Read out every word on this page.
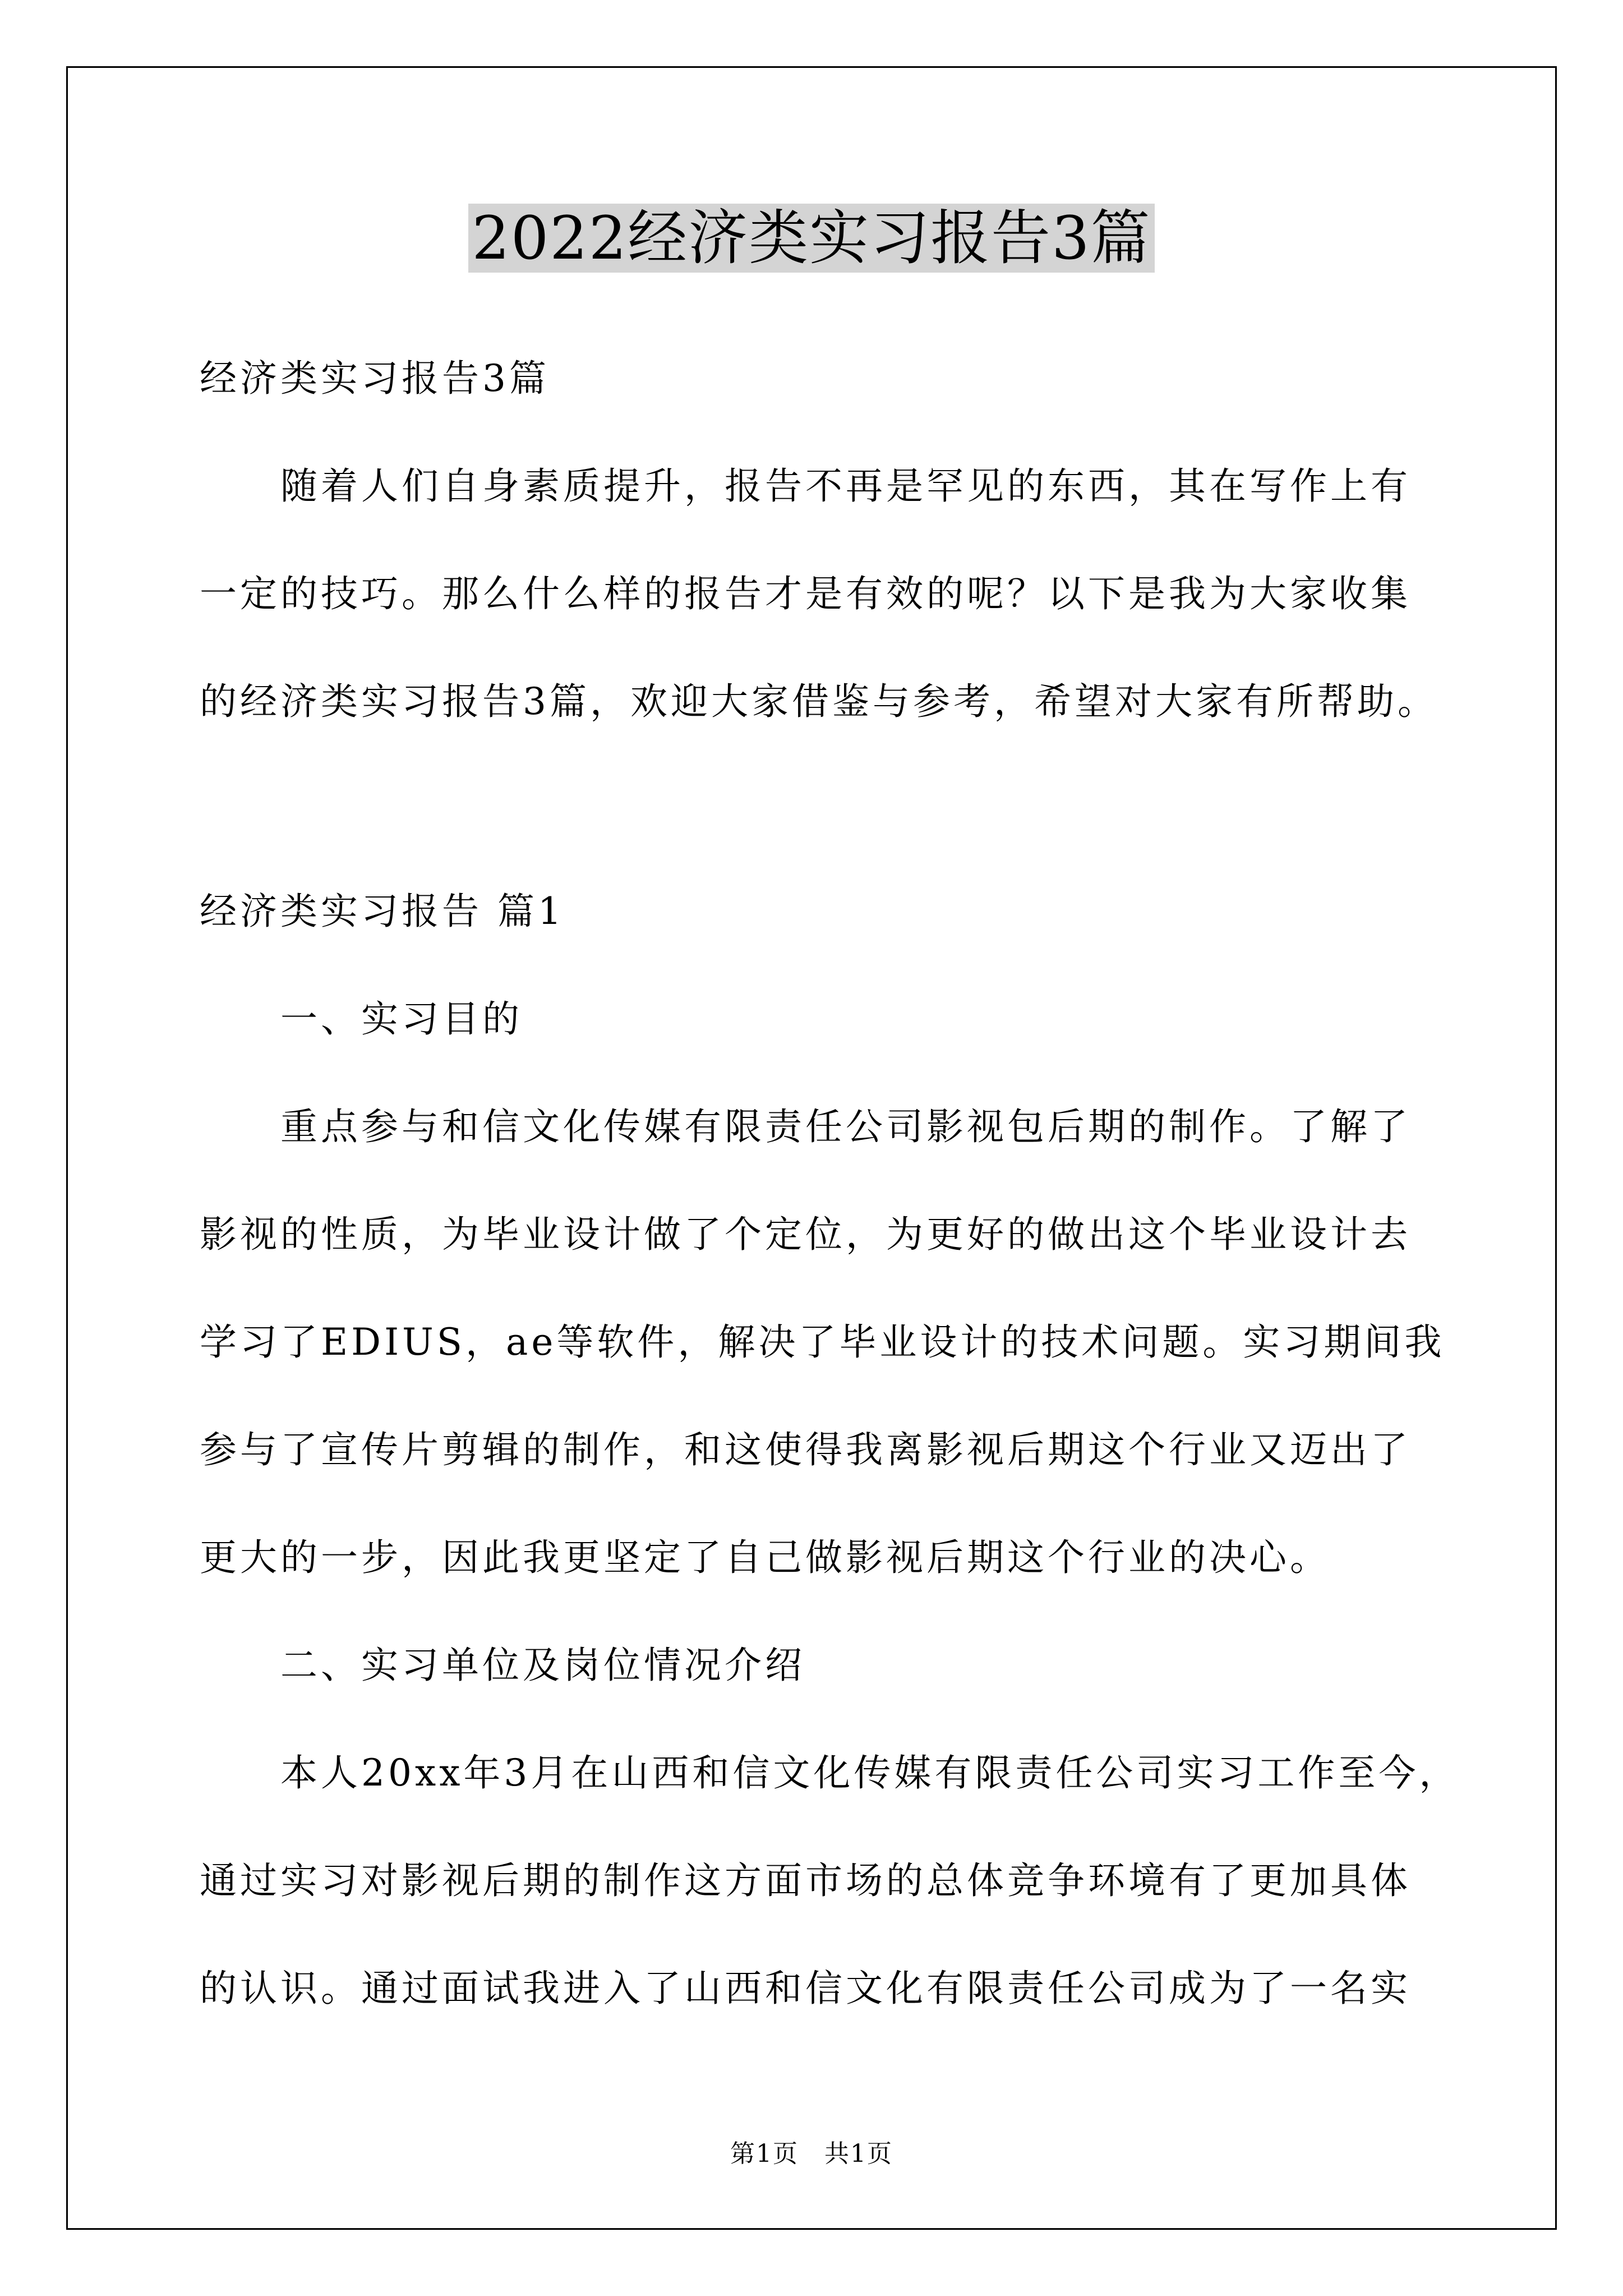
2022经济类实习报告3篇
经济类实习报告3篇
　　随着人们自身素质提升，报告不再是罕见的东西，其在写作上有
一定的技巧。那么什么样的报告才是有效的呢？以下是我为大家收集
的经济类实习报告3篇，欢迎大家借鉴与参考，希望对大家有所帮助。
经济类实习报告 篇1
　　一、实习目的
　　重点参与和信文化传媒有限责任公司影视包后期的制作。了解了
影视的性质，为毕业设计做了个定位，为更好的做出这个毕业设计去
学习了EDIUS，ae等软件，解决了毕业设计的技术问题。实习期间我
参与了宣传片剪辑的制作，和这使得我离影视后期这个行业又迈出了
更大的一步，因此我更坚定了自己做影视后期这个行业的决心。
　　二、实习单位及岗位情况介绍
　　本人20xx年3月在山西和信文化传媒有限责任公司实习工作至今，
通过实习对影视后期的制作这方面市场的总体竞争环境有了更加具体
的认识。通过面试我进入了山西和信文化有限责任公司成为了一名实
第1页　共1页
